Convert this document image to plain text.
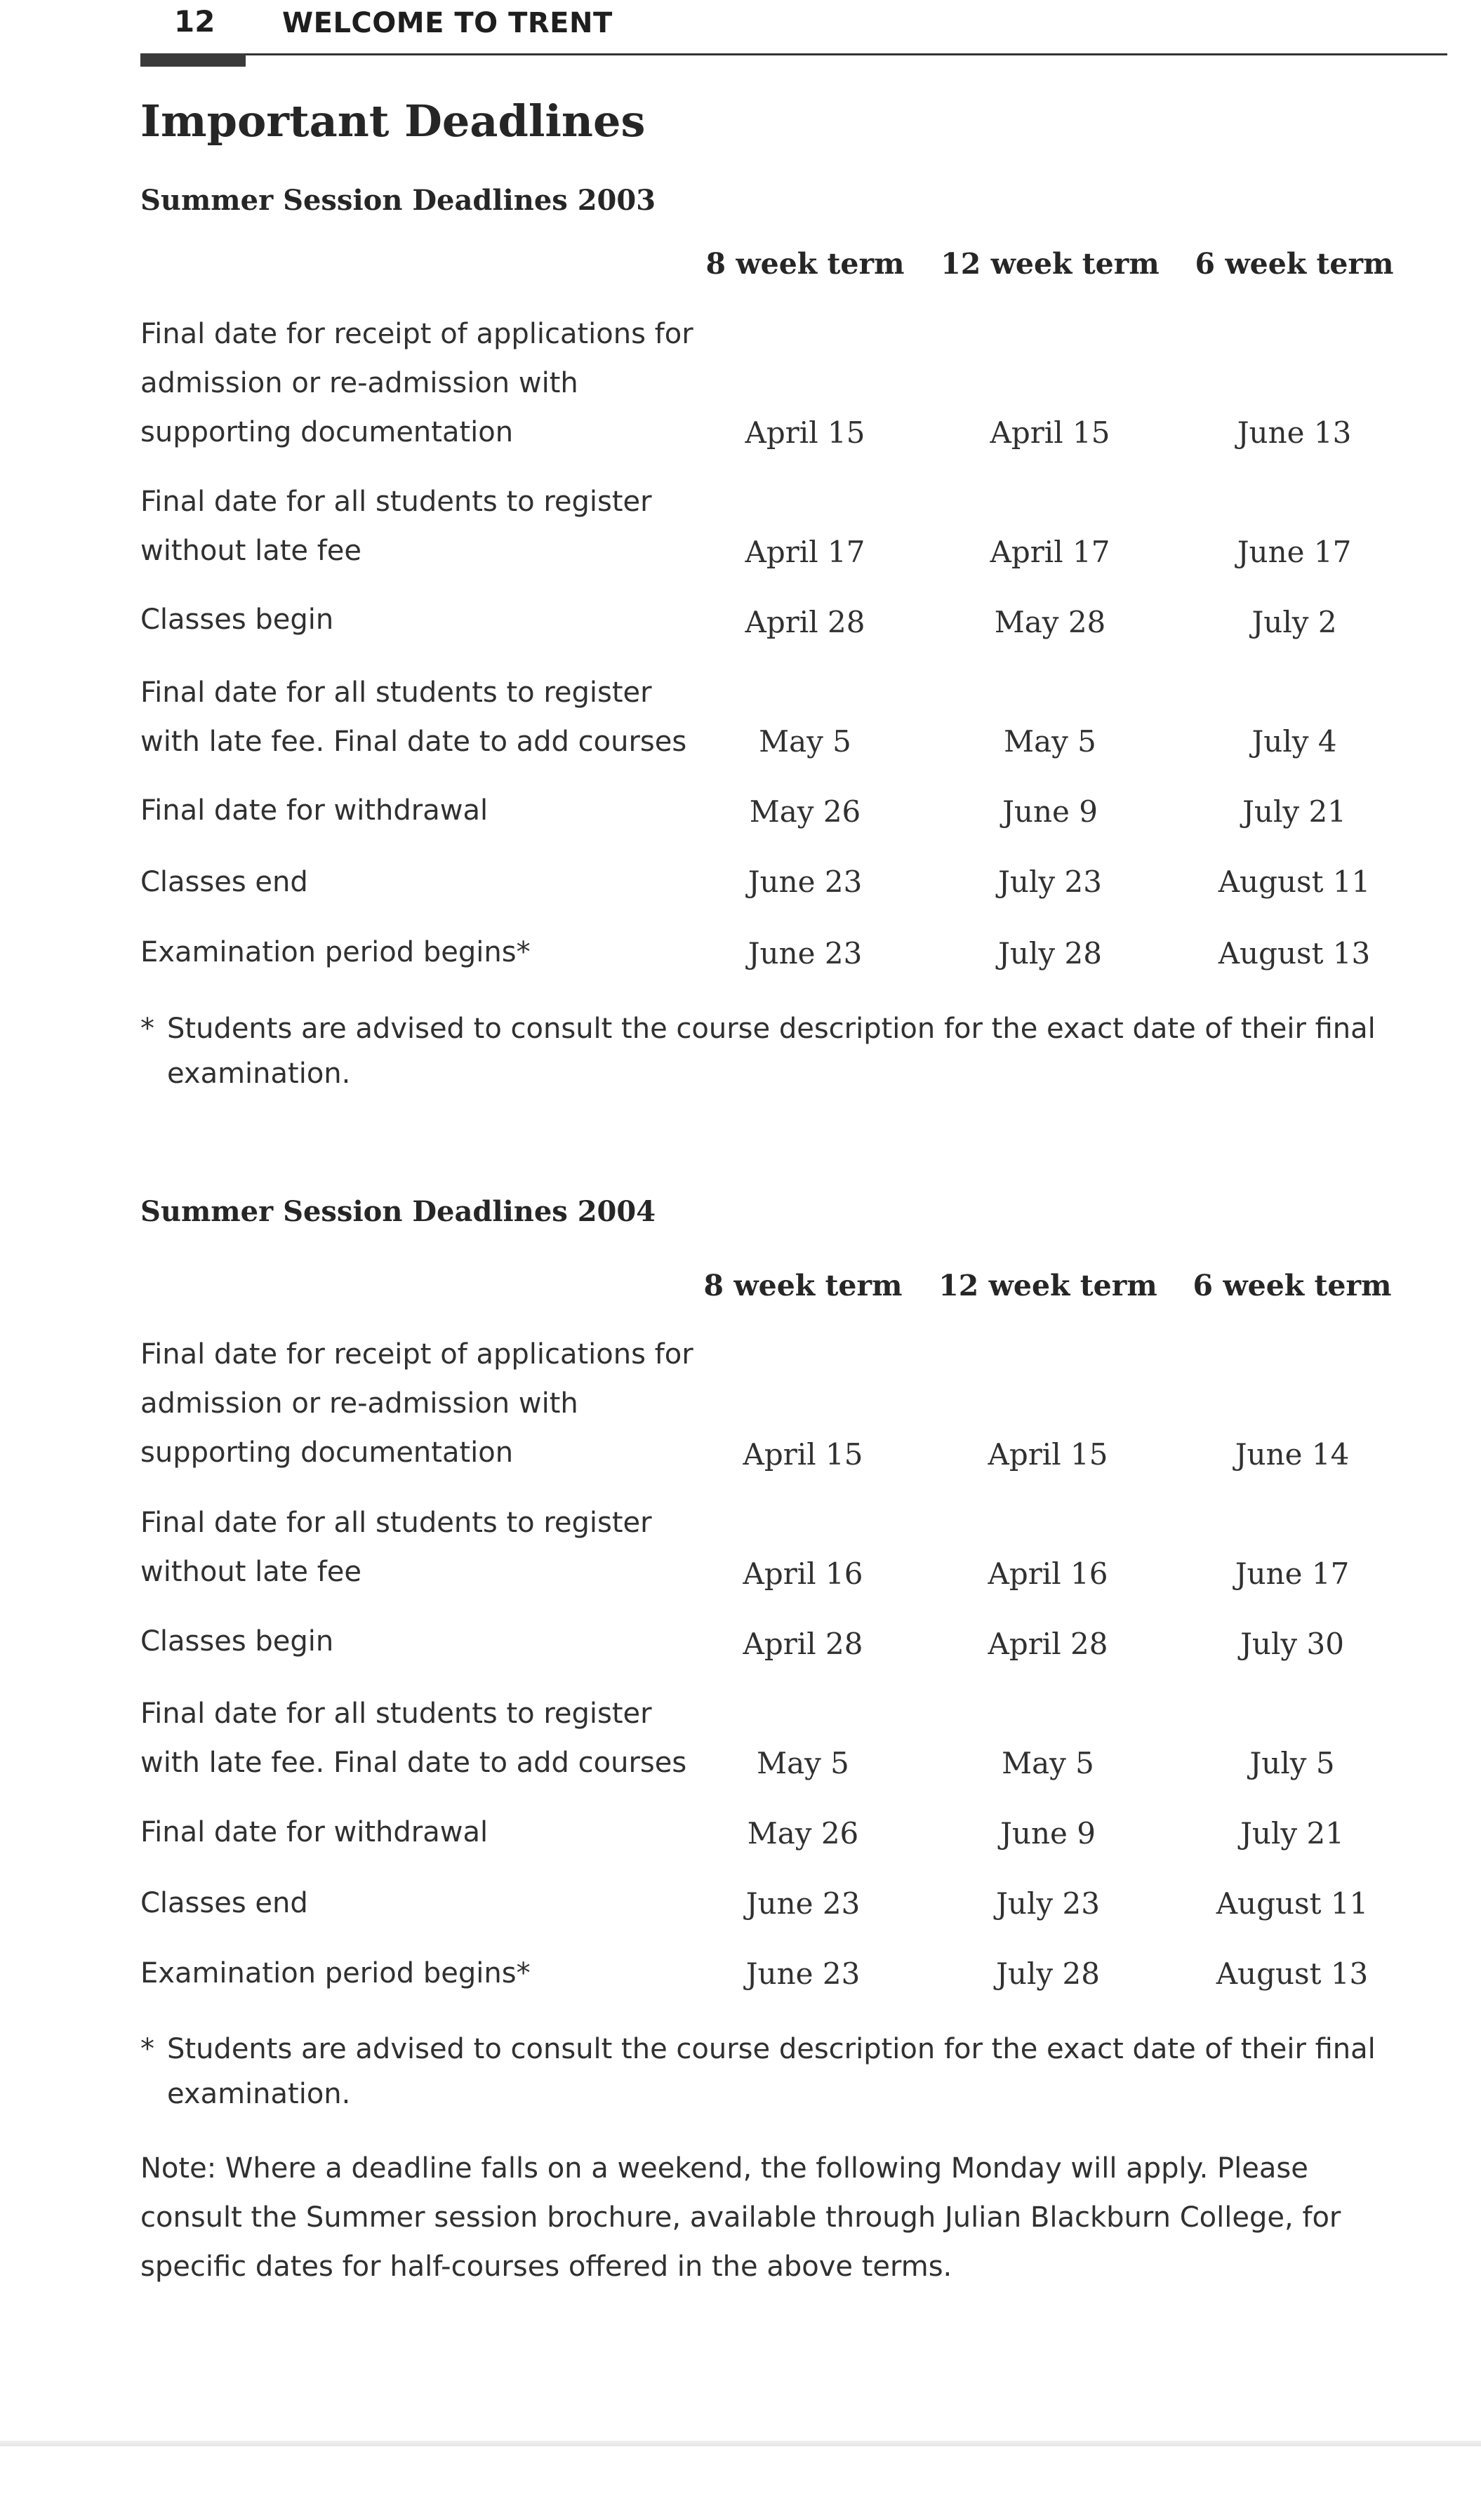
12 WELCOME TO TRENT
Important Deadlines
Summer Session Deadlines 2003
8 week term	12 week term	6 week term
Final date for receipt of applications for admission or re-admission with supporting documentation	April 15	April 15	June 13
Final date for all students to register without late fee	April 17	April 17	June 17
Classes begin	April 28	May 28	July 2
Final date for all students to register with late fee. Final date to add courses	May 5	May 5	July 4
Final date for withdrawal	May 26	June 9	July 21
Classes end	June 23	July 23	August 11
Examination period begins*	June 23	July 28	August 13
* Students are advised to consult the course description for the exact date of their final examination.
Summer Session Deadlines 2004
8 week term	12 week term	6 week term
Final date for receipt of applications for admission or re-admission with supporting documentation	April 15	April 15	June 14
Final date for all students to register without late fee	April 16	April 16	June 17
Classes begin	April 28	April 28	July 30
Final date for all students to register with late fee. Final date to add courses	May 5	May 5	July 5
Final date for withdrawal	May 26	June 9	July 21
Classes end	June 23	July 23	August 11
Examination period begins*	June 23	July 28	August 13
* Students are advised to consult the course description for the exact date of their final examination.
Note: Where a deadline falls on a weekend, the following Monday will apply. Please consult the Summer session brochure, available through Julian Blackburn College, for specific dates for half-courses offered in the above terms.
